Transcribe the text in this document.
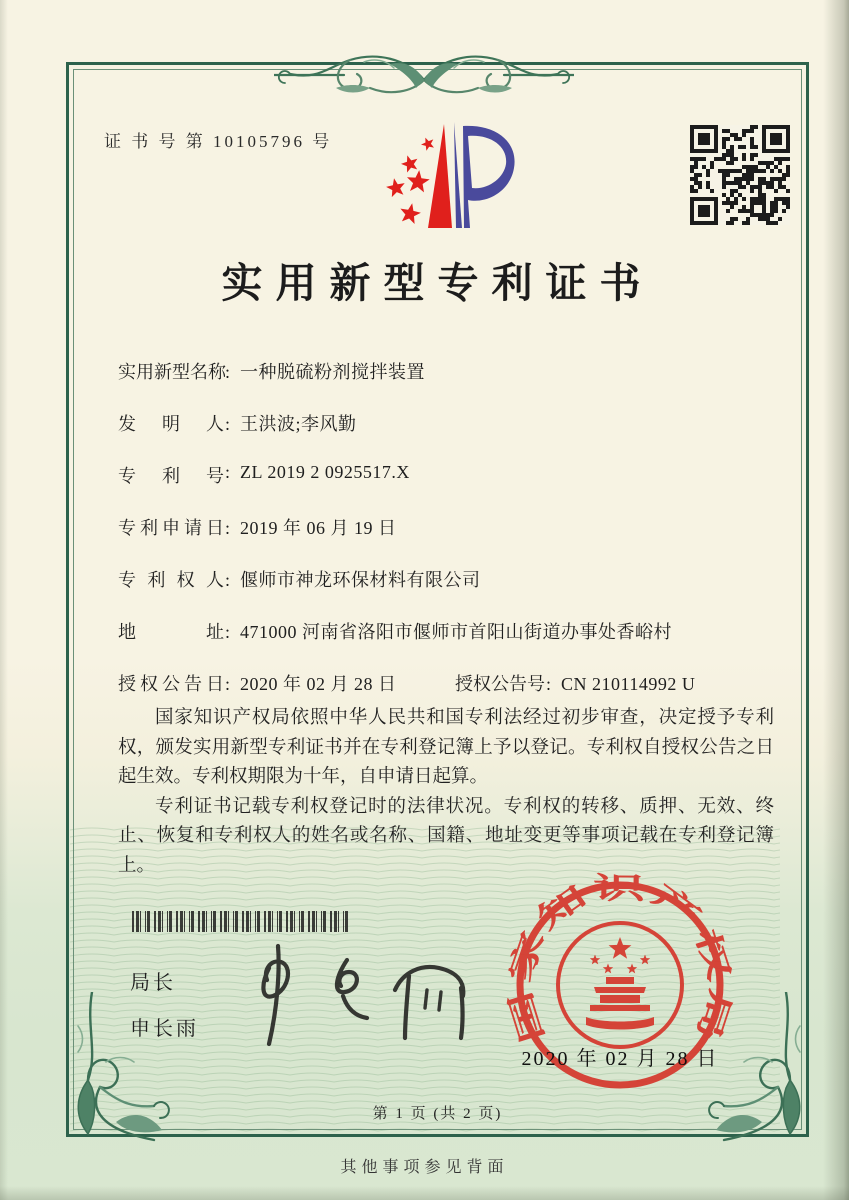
证 书 号 第 10105796 号
实用新型专利证书
实用新型名称: 一种脱硫粉剂搅拌装置
发明人: 王洪波;李风勤
专利号: ZL 2019 2 0925517.X
专利申请日: 2019 年 06 月 19 日
专利权人: 偃师市神龙环保材料有限公司
地址: 471000 河南省洛阳市偃师市首阳山街道办事处香峪村
授权公告日: 2020 年 02 月 28 日	授权公告号: CN 210114992 U

国家知识产权局依照中华人民共和国专利法经过初步审查，决定授予专利权，颁发实用新型专利证书并在专利登记簿上予以登记。专利权自授权公告之日起生效。专利权期限为十年，自申请日起算。

专利证书记载专利权登记时的法律状况。专利权的转移、质押、无效、终止、恢复和专利权人的姓名或名称、国籍、地址变更等事项记载在专利登记簿上。

局长
申长雨	国家知识产权局
2020 年 02 月 28 日
第 1 页 (共 2 页)
其他事项参见背面
